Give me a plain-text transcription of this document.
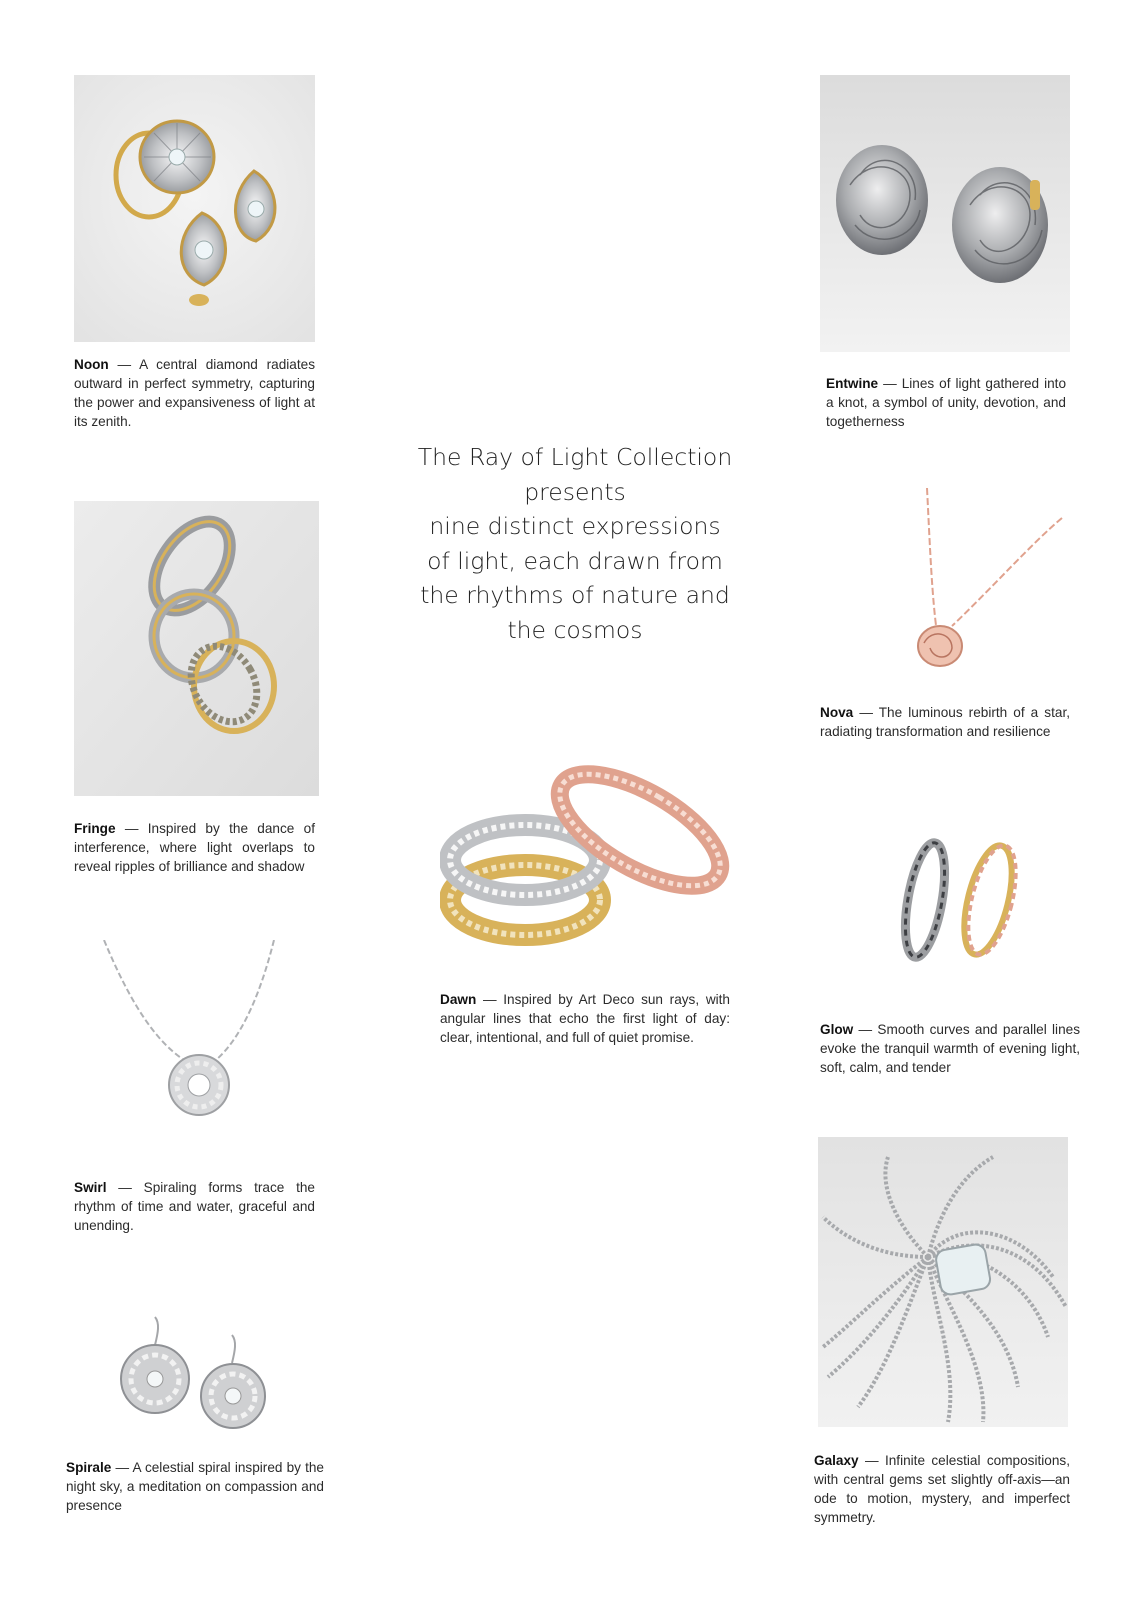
The Ray of Light Collection
presents
nine distinct expressions
of light, each drawn from
the rhythms of nature and
the cosmos

Noon — A central diamond radiates outward in perfect symmetry, capturing the power and expansiveness of light at its zenith.

Fringe — Inspired by the dance of interference, where light overlaps to reveal ripples of brilliance and shadow

Swirl — Spiraling forms trace the rhythm of time and water, graceful and unending.

Spirale — A celestial spiral inspired by the night sky, a meditation on compassion and presence

Entwine — Lines of light gathered into a knot, a symbol of unity, devotion, and togetherness

Nova — The luminous rebirth of a star, radiating transformation and resilience

Dawn — Inspired by Art Deco sun rays, with angular lines that echo the first light of day: clear, intentional, and full of quiet promise.

Glow — Smooth curves and parallel lines evoke the tranquil warmth of evening light, soft, calm, and tender

Galaxy — Infinite celestial compositions, with central gems set slightly off-axis—an ode to motion, mystery, and imperfect symmetry.
